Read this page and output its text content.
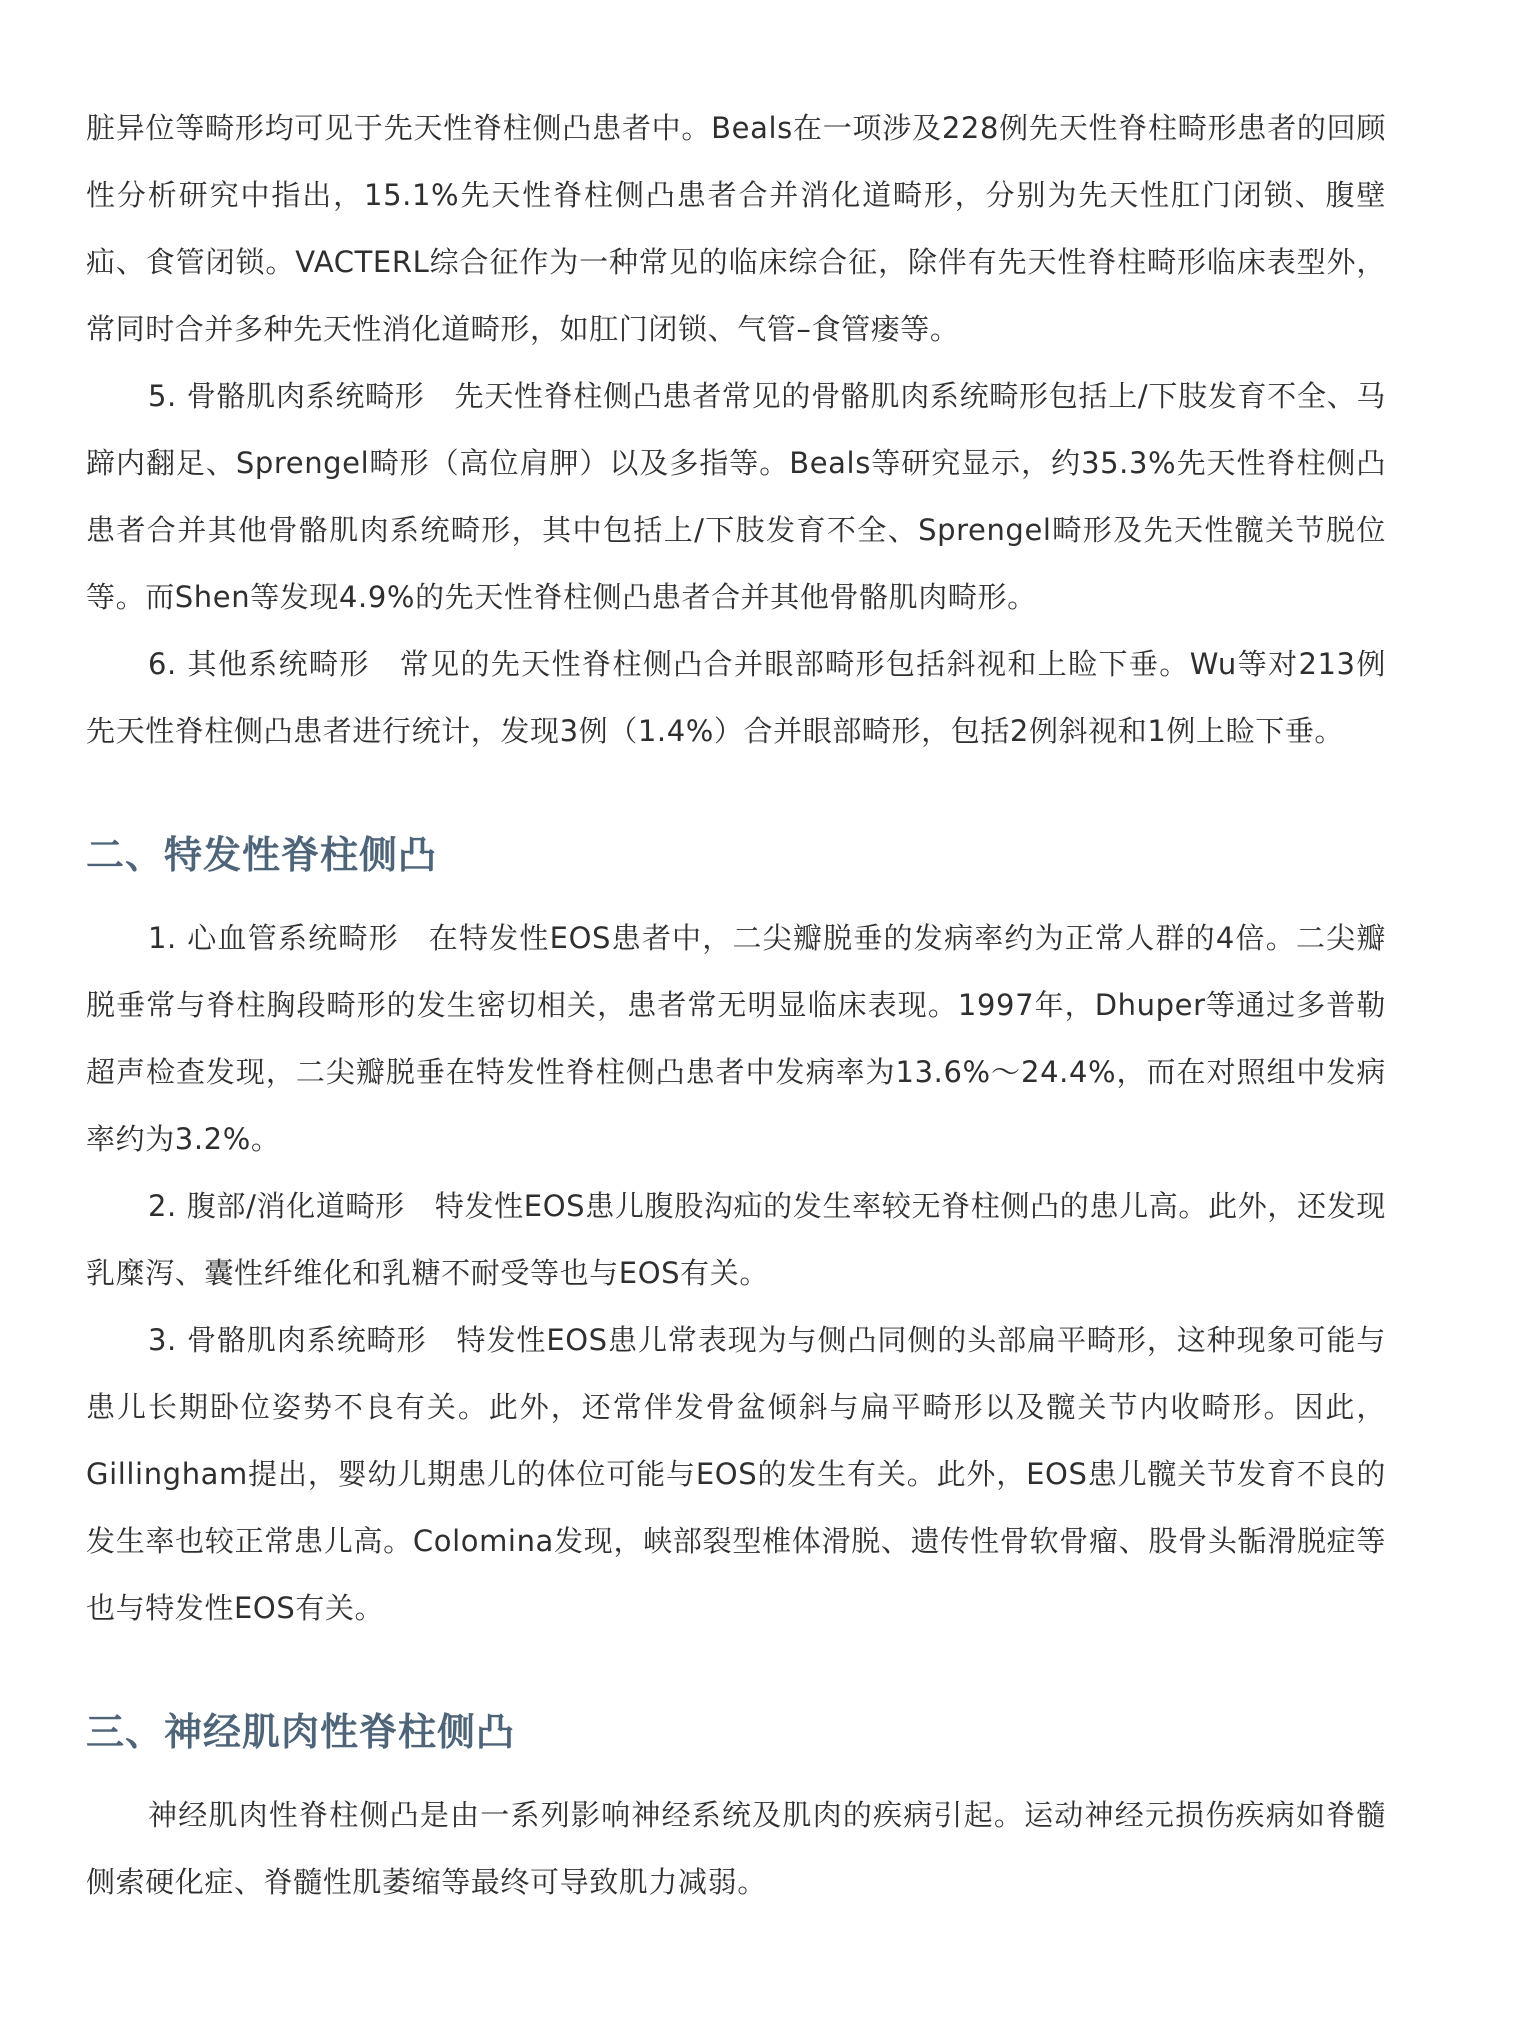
脏异位等畸形均可见于先天性脊柱侧凸患者中。Beals在一项涉及228例先天性脊柱畸形患者的回顾性分析研究中指出，15.1%先天性脊柱侧凸患者合并消化道畸形，分别为先天性肛门闭锁、腹壁疝、食管闭锁。VACTERL综合征作为一种常见的临床综合征，除伴有先天性脊柱畸形临床表型外，常同时合并多种先天性消化道畸形，如肛门闭锁、气管–食管瘘等。

5. 骨骼肌肉系统畸形 先天性脊柱侧凸患者常见的骨骼肌肉系统畸形包括上/下肢发育不全、马蹄内翻足、Sprengel畸形（高位肩胛）以及多指等。Beals等研究显示，约35.3%先天性脊柱侧凸患者合并其他骨骼肌肉系统畸形，其中包括上/下肢发育不全、Sprengel畸形及先天性髋关节脱位等。而Shen等发现4.9%的先天性脊柱侧凸患者合并其他骨骼肌肉畸形。

6. 其他系统畸形 常见的先天性脊柱侧凸合并眼部畸形包括斜视和上睑下垂。Wu等对213例先天性脊柱侧凸患者进行统计，发现3例（1.4%）合并眼部畸形，包括2例斜视和1例上睑下垂。

二、特发性脊柱侧凸

1. 心血管系统畸形 在特发性EOS患者中，二尖瓣脱垂的发病率约为正常人群的4倍。二尖瓣脱垂常与脊柱胸段畸形的发生密切相关，患者常无明显临床表现。1997年，Dhuper等通过多普勒超声检查发现，二尖瓣脱垂在特发性脊柱侧凸患者中发病率为13.6%～24.4%，而在对照组中发病率约为3.2%。

2. 腹部/消化道畸形 特发性EOS患儿腹股沟疝的发生率较无脊柱侧凸的患儿高。此外，还发现乳糜泻、囊性纤维化和乳糖不耐受等也与EOS有关。

3. 骨骼肌肉系统畸形 特发性EOS患儿常表现为与侧凸同侧的头部扁平畸形，这种现象可能与患儿长期卧位姿势不良有关。此外，还常伴发骨盆倾斜与扁平畸形以及髋关节内收畸形。因此，Gillingham提出，婴幼儿期患儿的体位可能与EOS的发生有关。此外，EOS患儿髋关节发育不良的发生率也较正常患儿高。Colomina发现，峡部裂型椎体滑脱、遗传性骨软骨瘤、股骨头骺滑脱症等也与特发性EOS有关。

三、神经肌肉性脊柱侧凸

神经肌肉性脊柱侧凸是由一系列影响神经系统及肌肉的疾病引起。运动神经元损伤疾病如脊髓侧索硬化症、脊髓性肌萎缩等最终可导致肌力减弱。
